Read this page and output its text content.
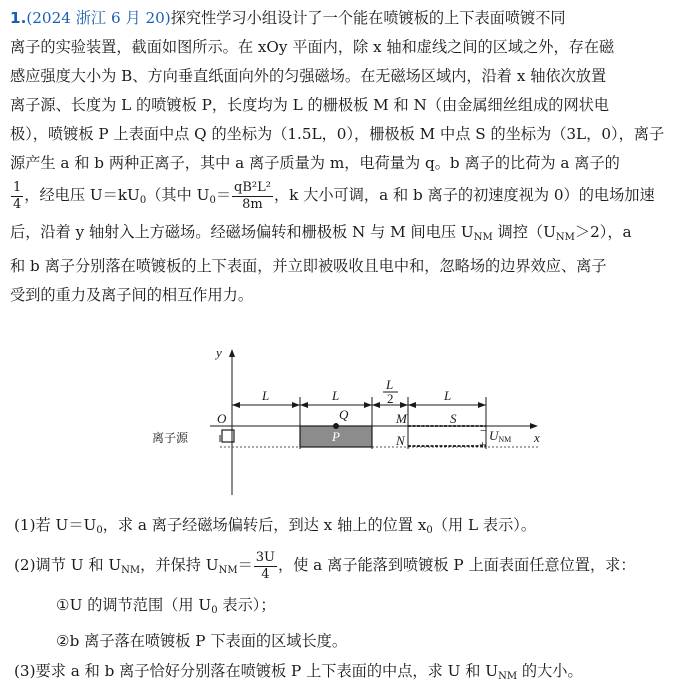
1.(2024 浙江 6 月 20)探究性学习小组设计了一个能在喷镀板的上下表面喷镀不同

离子的实验装置，截面如图所示。在 xOy 平面内，除 x 轴和虚线之间的区域之外，存在磁

感应强度大小为 B、方向垂直纸面向外的匀强磁场。在无磁场区域内，沿着 x 轴依次放置

离子源、长度为 L 的喷镀板 P，长度均为 L 的栅极板 M 和 N（由金属细丝组成的网状电

极），喷镀板 P 上表面中点 Q 的坐标为（1.5L，0），栅极板 M 中点 S 的坐标为（3L，0），离子

源产生 a 和 b 两种正离子，其中 a 离子质量为 m，电荷量为 q。b 离子的比荷为 a 离子的

$\frac{1}{4}$ ，经电压 $U=kU_0$（其中 $U_0= \frac{\text{qB²L²}}{8m}$ ，k 大小可调，a 和 b 离子的初速度视为 0）的电场加速

后，沿着 y 轴射入上方磁场。经磁场偏转和栅极板 N 与 M 间电压 $U_{NM}$ 调控$(U_{NM}>2)$，a

和 b 离子分别落在喷镀板的上下表面，并立即被吸收且电中和，忽略场的边界效应、离子

受到的重力及离子间的相互作用力。

y
x
O
L	L
L
2	L
离子源	P
Q	M	S
N
−
+
UNM

(1)若 $U=U_0$，求 a 离子经磁场偏转后，到达 x 轴上的位置 $x_0$（用 L 表示）。

(2)调节 U 和 $U_{NM}$，并保持 $U_{NM}= \frac{3U}{4}$ ，使 a 离子能落到喷镀板 P 上面表面任意位置，求：

①U 的调节范围（用 $U_0$ 表示）；

②b 离子落在喷镀板 P 下表面的区域长度。

(3)要求 a 和 b 离子恰好分别落在喷镀板 P 上下表面的中点，求 U 和 $U_{NM}$ 的大小。
